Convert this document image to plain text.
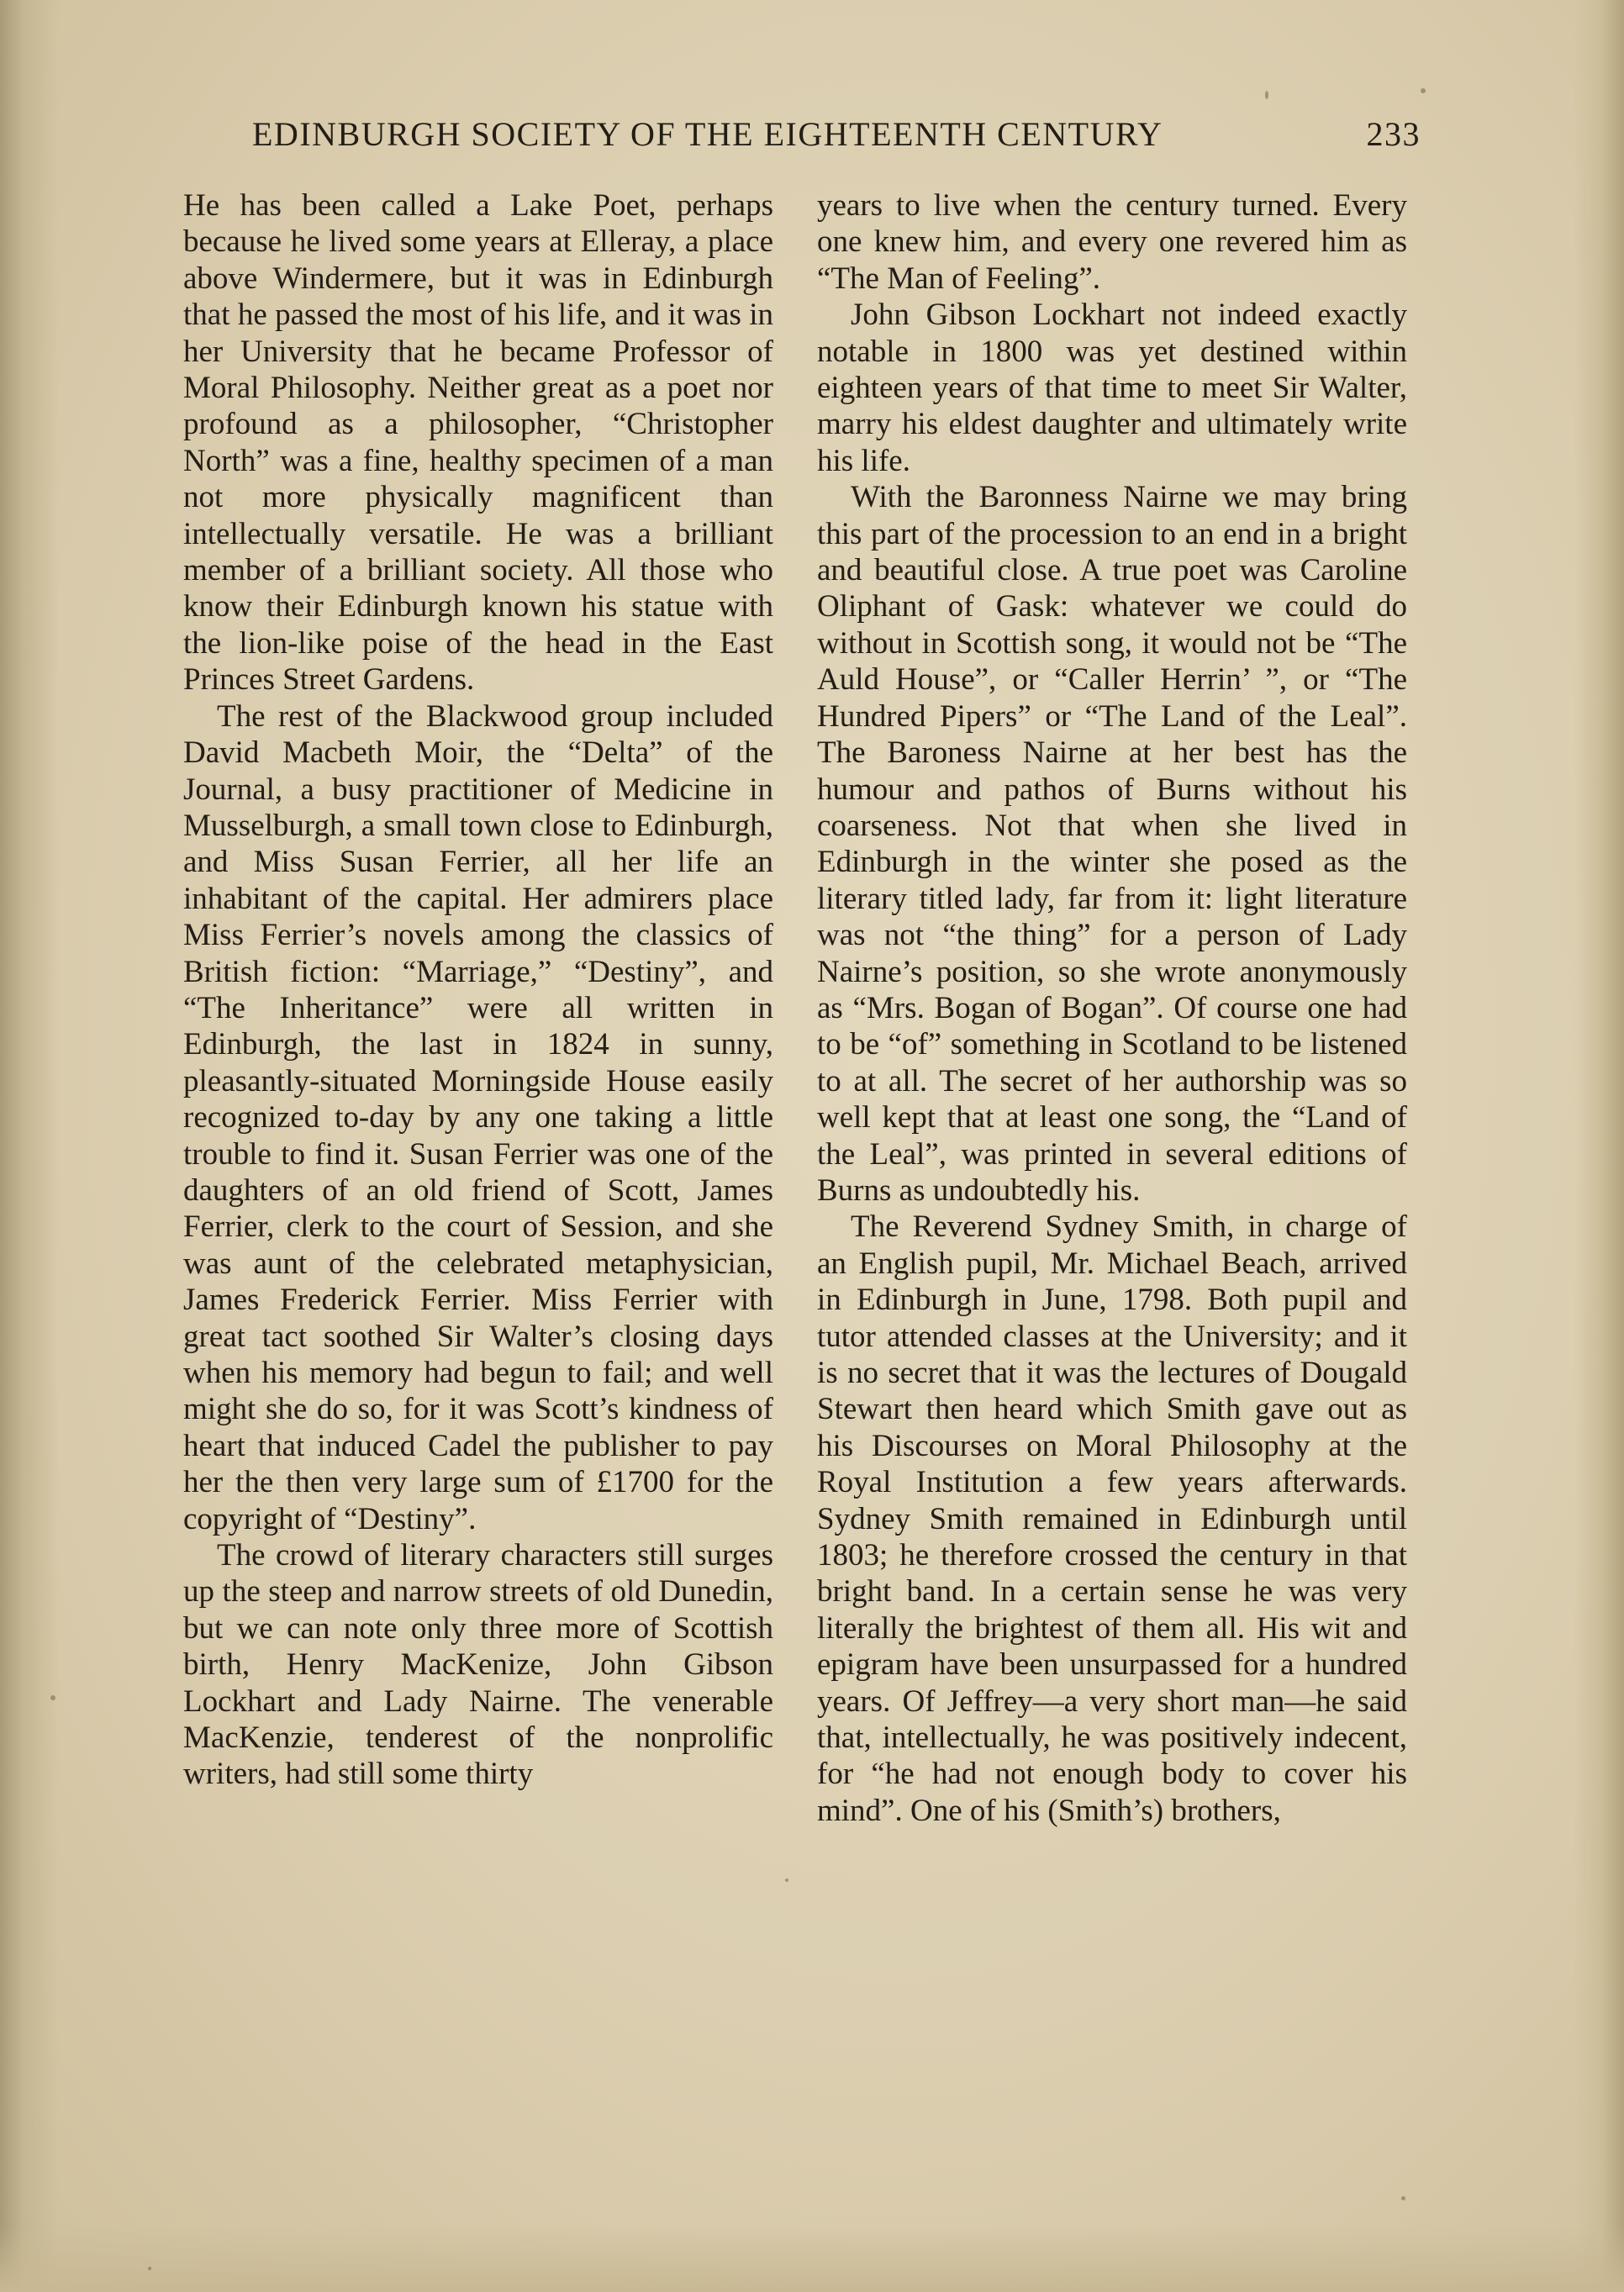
EDINBURGH SOCIETY OF THE EIGHTEENTH CENTURY	233

He has been called a Lake Poet, perhaps because he lived some years at Elleray, a place above Windermere, but it was in Edinburgh that he passed the most of his life, and it was in her University that he became Professor of Moral Philosophy. Neither great as a poet nor profound as a philosopher, “Christopher North” was a fine, healthy specimen of a man not more physically magnificent than intellectually versatile. He was a brilliant member of a brilliant society. All those who know their Edinburgh known his statue with the lion-like poise of the head in the East Princes Street Gardens.

The rest of the Blackwood group included David Macbeth Moir, the “Delta” of the Journal, a busy practitioner of Medicine in Musselburgh, a small town close to Edinburgh, and Miss Susan Ferrier, all her life an inhabitant of the capital. Her admirers place Miss Ferrier’s novels among the classics of British fiction: “Marriage,” “Destiny”, and “The Inheritance” were all written in Edinburgh, the last in 1824 in sunny, pleasantly-situated Morningside House easily recognized to-day by any one taking a little trouble to find it. Susan Ferrier was one of the daughters of an old friend of Scott, James Ferrier, clerk to the court of Session, and she was aunt of the celebrated metaphysician, James Frederick Ferrier. Miss Ferrier with great tact soothed Sir Walter’s closing days when his memory had begun to fail; and well might she do so, for it was Scott’s kindness of heart that induced Cadel the publisher to pay her the then very large sum of £1700 for the copyright of “Destiny”.

The crowd of literary characters still surges up the steep and narrow streets of old Dunedin, but we can note only three more of Scottish birth, Henry MacKenize, John Gibson Lockhart and Lady Nairne. The venerable MacKenzie, tenderest of the nonprolific writers, had still some thirty

years to live when the century turned. Every one knew him, and every one revered him as “The Man of Feeling”.

John Gibson Lockhart not indeed exactly notable in 1800 was yet destined within eighteen years of that time to meet Sir Walter, marry his eldest daughter and ultimately write his life.

With the Baronness Nairne we may bring this part of the procession to an end in a bright and beautiful close. A true poet was Caroline Oliphant of Gask: whatever we could do without in Scottish song, it would not be “The Auld House”, or “Caller Herrin’ ”, or “The Hundred Pipers” or “The Land of the Leal”. The Baroness Nairne at her best has the humour and pathos of Burns without his coarseness. Not that when she lived in Edinburgh in the winter she posed as the literary titled lady, far from it: light literature was not “the thing” for a person of Lady Nairne’s position, so she wrote anonymously as “Mrs. Bogan of Bogan”. Of course one had to be “of” something in Scotland to be listened to at all. The secret of her authorship was so well kept that at least one song, the “Land of the Leal”, was printed in several editions of Burns as undoubtedly his.

The Reverend Sydney Smith, in charge of an English pupil, Mr. Michael Beach, arrived in Edinburgh in June, 1798. Both pupil and tutor attended classes at the University; and it is no secret that it was the lectures of Dougald Stewart then heard which Smith gave out as his Discourses on Moral Philosophy at the Royal Institution a few years afterwards. Sydney Smith remained in Edinburgh until 1803; he therefore crossed the century in that bright band. In a certain sense he was very literally the brightest of them all. His wit and epigram have been unsurpassed for a hundred years. Of Jeffrey—a very short man—he said that, intellectually, he was positively indecent, for “he had not enough body to cover his mind”. One of his (Smith’s) brothers,
